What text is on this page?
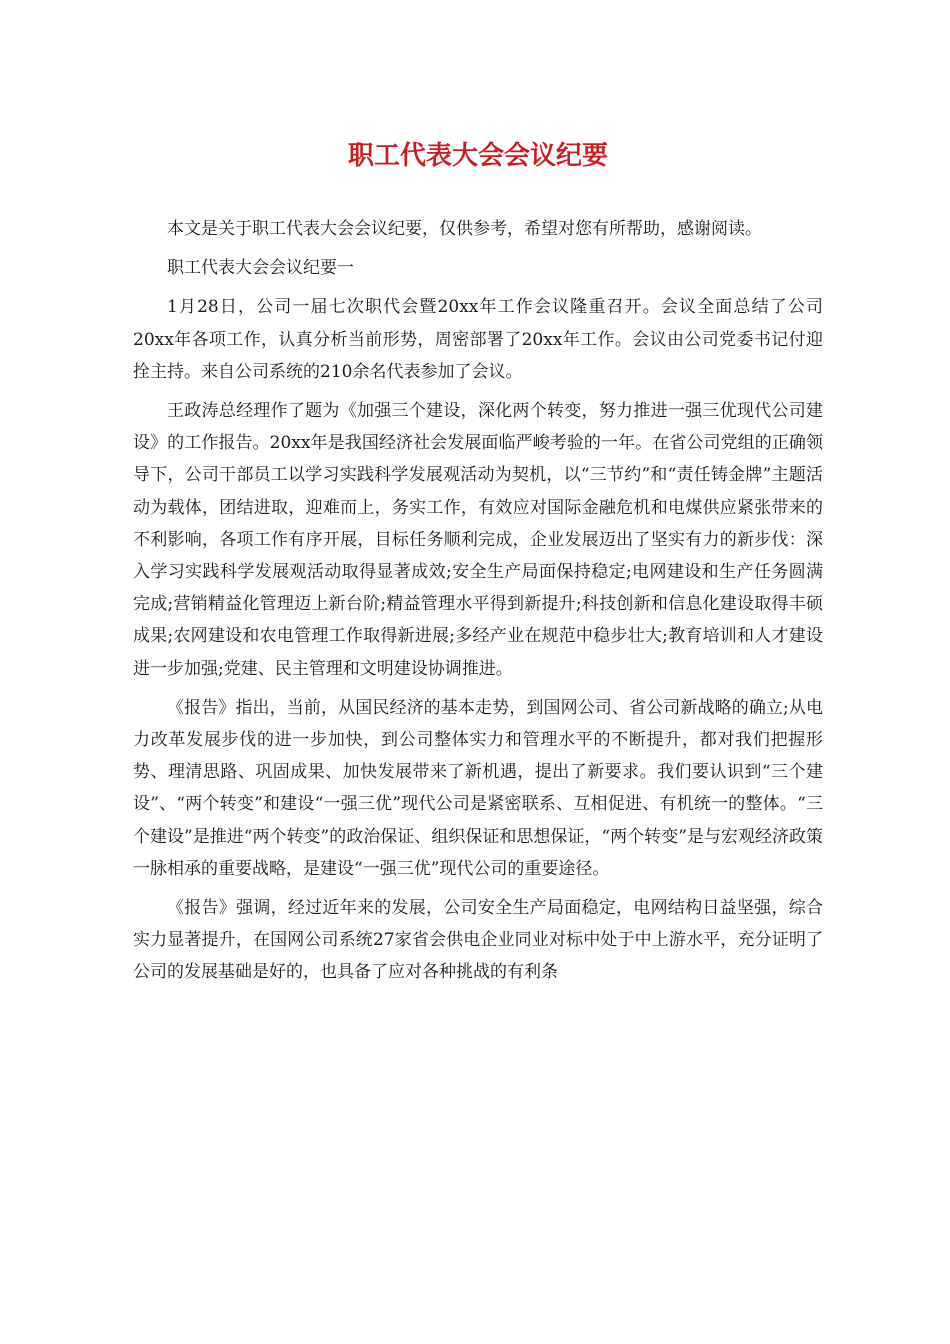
职工代表大会会议纪要

本文是关于职工代表大会会议纪要，仅供参考，希望对您有所帮助，感谢阅读。

职工代表大会会议纪要一

1月28日，公司一届七次职代会暨20xx年工作会议隆重召开。会议全面总结了公司20xx年各项工作，认真分析当前形势，周密部署了20xx年工作。会议由公司党委书记付迎拴主持。来自公司系统的210余名代表参加了会议。

王政涛总经理作了题为《加强三个建设，深化两个转变，努力推进一强三优现代公司建设》的工作报告。20xx年是我国经济社会发展面临严峻考验的一年。在省公司党组的正确领导下，公司干部员工以学习实践科学发展观活动为契机，以“三节约”和“责任铸金牌”主题活动为载体，团结进取，迎难而上，务实工作，有效应对国际金融危机和电煤供应紧张带来的不利影响，各项工作有序开展，目标任务顺利完成，企业发展迈出了坚实有力的新步伐：深入学习实践科学发展观活动取得显著成效;安全生产局面保持稳定;电网建设和生产任务圆满完成;营销精益化管理迈上新台阶;精益管理水平得到新提升;科技创新和信息化建设取得丰硕成果;农网建设和农电管理工作取得新进展;多经产业在规范中稳步壮大;教育培训和人才建设进一步加强;党建、民主管理和文明建设协调推进。

《报告》指出，当前，从国民经济的基本走势，到国网公司、省公司新战略的确立;从电力改革发展步伐的进一步加快，到公司整体实力和管理水平的不断提升，都对我们把握形势、理清思路、巩固成果、加快发展带来了新机遇，提出了新要求。我们要认识到“三个建设”、“两个转变”和建设“一强三优”现代公司是紧密联系、互相促进、有机统一的整体。“三个建设”是推进“两个转变”的政治保证、组织保证和思想保证，“两个转变”是与宏观经济政策一脉相承的重要战略，是建设“一强三优”现代公司的重要途径。

《报告》强调，经过近年来的发展，公司安全生产局面稳定，电网结构日益坚强，综合实力显著提升，在国网公司系统27家省会供电企业同业对标中处于中上游水平，充分证明了公司的发展基础是好的，也具备了应对各种挑战的有利条
